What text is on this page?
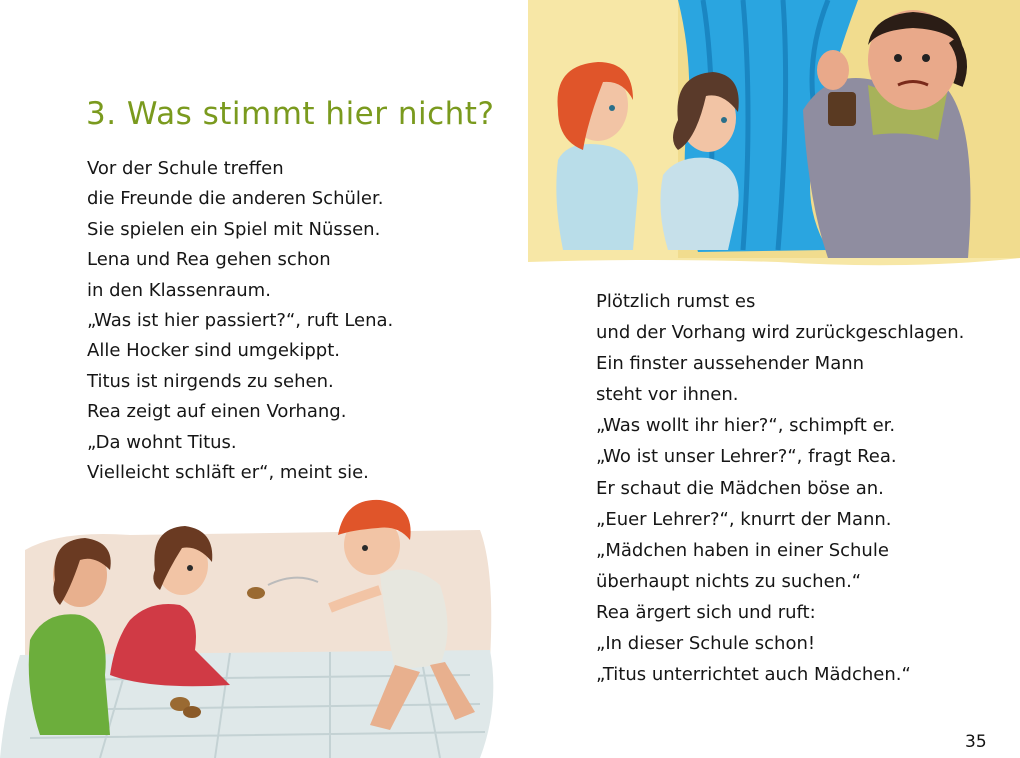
3. Was stimmt hier nicht?
Vor der Schule treffen
die Freunde die anderen Schüler.
Sie spielen ein Spiel mit Nüssen.
Lena und Rea gehen schon
in den Klassenraum.
„Was ist hier passiert?“, ruft Lena.
Alle Hocker sind umgekippt.
Titus ist nirgends zu sehen.
Rea zeigt auf einen Vorhang.
„Da wohnt Titus.
Vielleicht schläft er“, meint sie.
Plötzlich rumst es
und der Vorhang wird zurückgeschlagen.
Ein finster aussehender Mann
steht vor ihnen.
„Was wollt ihr hier?“, schimpft er.
„Wo ist unser Lehrer?“, fragt Rea.
Er schaut die Mädchen böse an.
„Euer Lehrer?“, knurrt der Mann.
„Mädchen haben in einer Schule
überhaupt nichts zu suchen.“
Rea ärgert sich und ruft:
„In dieser Schule schon!
„Titus unterrichtet auch Mädchen.“
35
